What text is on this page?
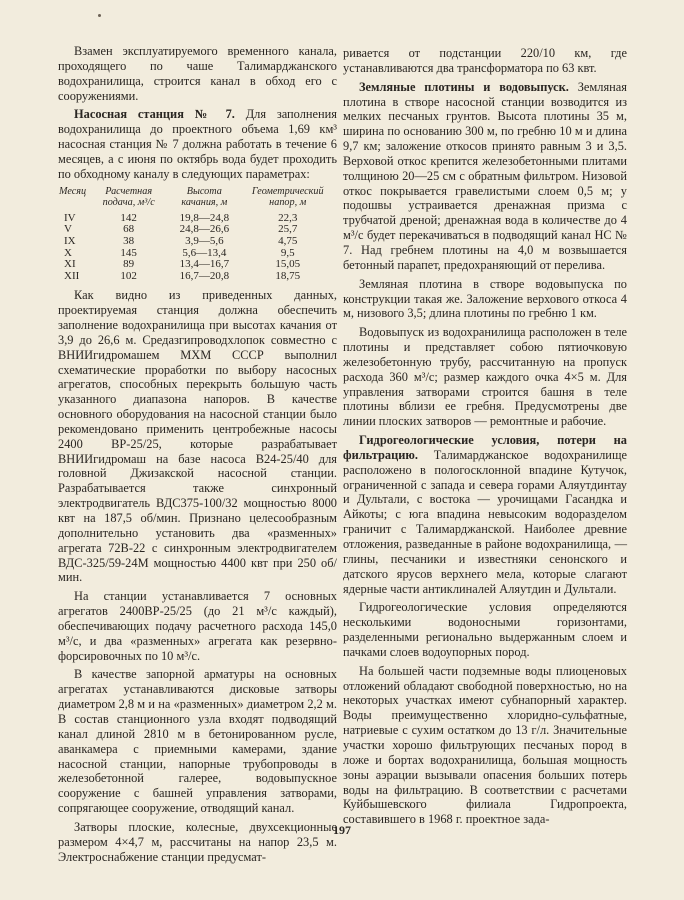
Взамен эксплуатируемого временного канала, проходящего по чаше Талимарджанского водохранилища, строится канал в обход его с сооружениями.

Насосная станция № 7. Для заполнения водохранилища до проектного объема 1,69 км³ насосная станция № 7 должна работать в течение 6 месяцев, а с июня по октябрь вода будет проходить по обходному каналу в следующих параметрах:

Месяц	Расчетная подача, м³/с	Высота качания, м	Геометрический напор, м
IV	142	19,8—24,8	22,3
V	68	24,8—26,6	25,7
IX	38	3,9—5,6	4,75
X	145	5,6—13,4	9,5
XI	89	13,4—16,7	15,05
XII	102	16,7—20,8	18,75

Как видно из приведенных данных, проектируемая станция должна обеспечить заполнение водохранилища при высотах качания от 3,9 до 26,6 м. Средазгипроводхлопок совместно с ВНИИгидромашем МХМ СССР выполнил схематические проработки по выбору насосных агрегатов, способных перекрыть большую часть указанного диапазона напоров. В качестве основного оборудования на насосной станции было рекомендовано применить центробежные насосы 2400 ВР-25/25, которые разрабатывает ВНИИгидромаш на базе насоса В24-25/40 для головной Джизакской насосной станции. Разрабатывается также синхронный электродвигатель ВДС375-100/32 мощностью 8000 квт на 187,5 об/мин. Признано целесообразным дополнительно установить два «разменных» агрегата 72В-22 с синхронным электродвигателем ВДС-325/59-24М мощностью 4400 квт при 250 об/мин.

На станции устанавливается 7 основных агрегатов 2400ВР-25/25 (до 21 м³/с каждый), обеспечивающих подачу расчетного расхода 145,0 м³/с, и два «разменных» агрегата как резервно-форсировочных по 10 м³/с.

В качестве запорной арматуры на основных агрегатах устанавливаются дисковые затворы диаметром 2,8 м и на «разменных» диаметром 2,2 м. В состав станционного узла входят подводящий канал длиной 2810 м в бетонированном русле, аванкамера с приемными камерами, здание насосной станции, напорные трубопроводы в железобетонной галерее, водовыпускное сооружение с башней управления затворами, сопрягающее сооружение, отводящий канал.

Затворы плоские, колесные, двухсекционные размером 4×4,7 м, рассчитаны на напор 23,5 м. Электроснабжение станции предусмат-

ривается от подстанции 220/10 км, где устанавливаются два трансформатора по 63 квт.

Земляные плотины и водовыпуск. Земляная плотина в створе насосной станции возводится из мелких песчаных грунтов. Высота плотины 35 м, ширина по основанию 300 м, по гребню 10 м и длина 9,7 км; заложение откосов принято равным 3 и 3,5. Верховой откос крепится железобетонными плитами толщиною 20—25 см с обратным фильтром. Низовой откос покрывается гравелистыми слоем 0,5 м; у подошвы устраивается дренажная призма с трубчатой дреной; дренажная вода в количестве до 4 м³/с будет перекачиваться в подводящий канал НС № 7. Над гребнем плотины на 4,0 м возвышается бетонный парапет, предохраняющий от перелива.

Земляная плотина в створе водовыпуска по конструкции такая же. Заложение верхового откоса 4 м, низового 3,5; длина плотины по гребню 1 км.

Водовыпуск из водохранилища расположен в теле плотины и представляет собою пятиочковую железобетонную трубу, рассчитанную на пропуск расхода 360 м³/с; размер каждого очка 4×5 м. Для управления затворами строится башня в теле плотины вблизи ее гребня. Предусмотрены две линии плоских затворов — ремонтные и рабочие.

Гидрогеологические условия, потери на фильтрацию. Талимарджанское водохранилище расположено в пологосклонной впадине Кутучок, ограниченной с запада и севера горами Аляутдинтау и Дультали, с востока — урочищами Гасандка и Айкоты; с юга впадина невысоким водоразделом граничит с Талимарджанской. Наиболее древние отложения, разведанные в районе водохранилища, — глины, песчаники и известняки сенонского и датского ярусов верхнего мела, которые слагают ядерные части антиклиналей Аляутдин и Дультали.

Гидрогеологические условия определяются несколькими водоносными горизонтами, разделенными регионально выдержанным слоем и пачками слоев водоупорных пород.

На большей части подземные воды плиоценовых отложений обладают свободной поверхностью, но на некоторых участках имеют субнапорный характер. Воды преимущественно хлоридно-сульфатные, натриевые с сухим остатком до 13 г/л. Значительные участки хорошо фильтрующих песчаных пород в ложе и бортах водохранилища, большая мощность зоны аэрации вызывали опасения больших потерь воды на фильтрацию. В соответствии с расчетами Куйбышевского филиала Гидропроекта, составившего в 1968 г. проектное зада-

197
